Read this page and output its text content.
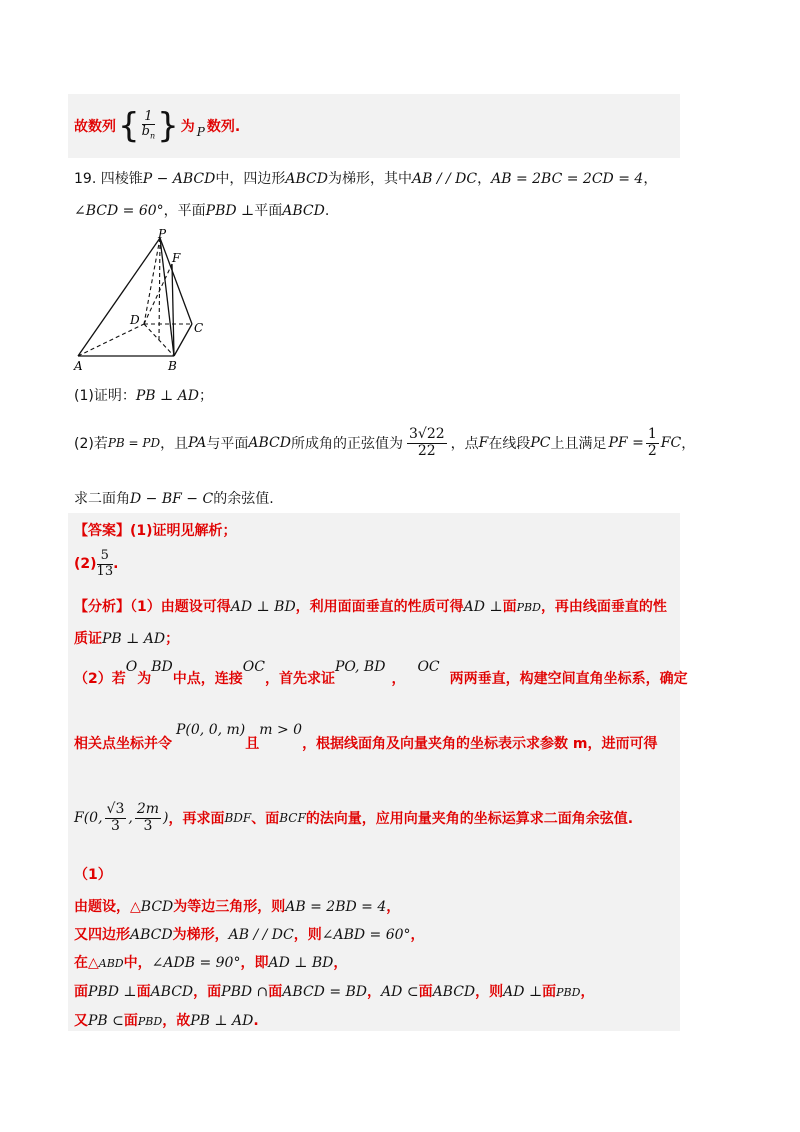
故数列 { $\frac{1}{b_n}$ } 为 P 数列.
19. 四棱锥P − ABCD中，四边形ABCD为梯形，其中AB / / DC，AB = 2BC = 2CD = 4，
∠BCD = 60°，平面PBD ⊥平面ABCD.
P
F
D
C
A	B
(1)证明：PB ⊥ AD；
(2)若 PB = PD ，且 PA 与平面 ABCD 所成角的正弦值为 $\frac{3√22}{22}$ ，点 F 在线段 PC 上且满足 PF = $\frac{1}{2}$ FC ，
求二面角D − BF − C的余弦值.
【答案】(1)证明见解析；
$(2) \frac{5}{13}$ .
【分析】（1）由题设可得AD ⊥ BD，利用面面垂直的性质可得AD ⊥面PBD，再由线面垂直的性
质证PB ⊥ AD；
（2）若O为BD中点，连接OC，首先求证PO, BD，OC两两垂直，构建空间直角坐标系，确定
相关点坐标并令P(0, 0, m)且m > 0，根据线面角及向量夹角的坐标表示求参数 m，进而可得
F(0, $\frac{√3}{3}$ , $\frac{2m}{3}$ ) ，再求面 BDF 、面 BCF 的法向量，应用向量夹角的坐标运算求二面角余弦值.
（1）
由题设，△BCD为等边三角形，则AB = 2BD = 4，
又四边形ABCD为梯形，AB / / DC，则∠ABD = 60°，
在△ABD中，∠ADB = 90°，即AD ⊥ BD，
面PBD ⊥面ABCD，面PBD ∩面ABCD = BD，AD ⊂面ABCD，则AD ⊥面PBD，
又PB ⊂面PBD，故PB ⊥ AD.
